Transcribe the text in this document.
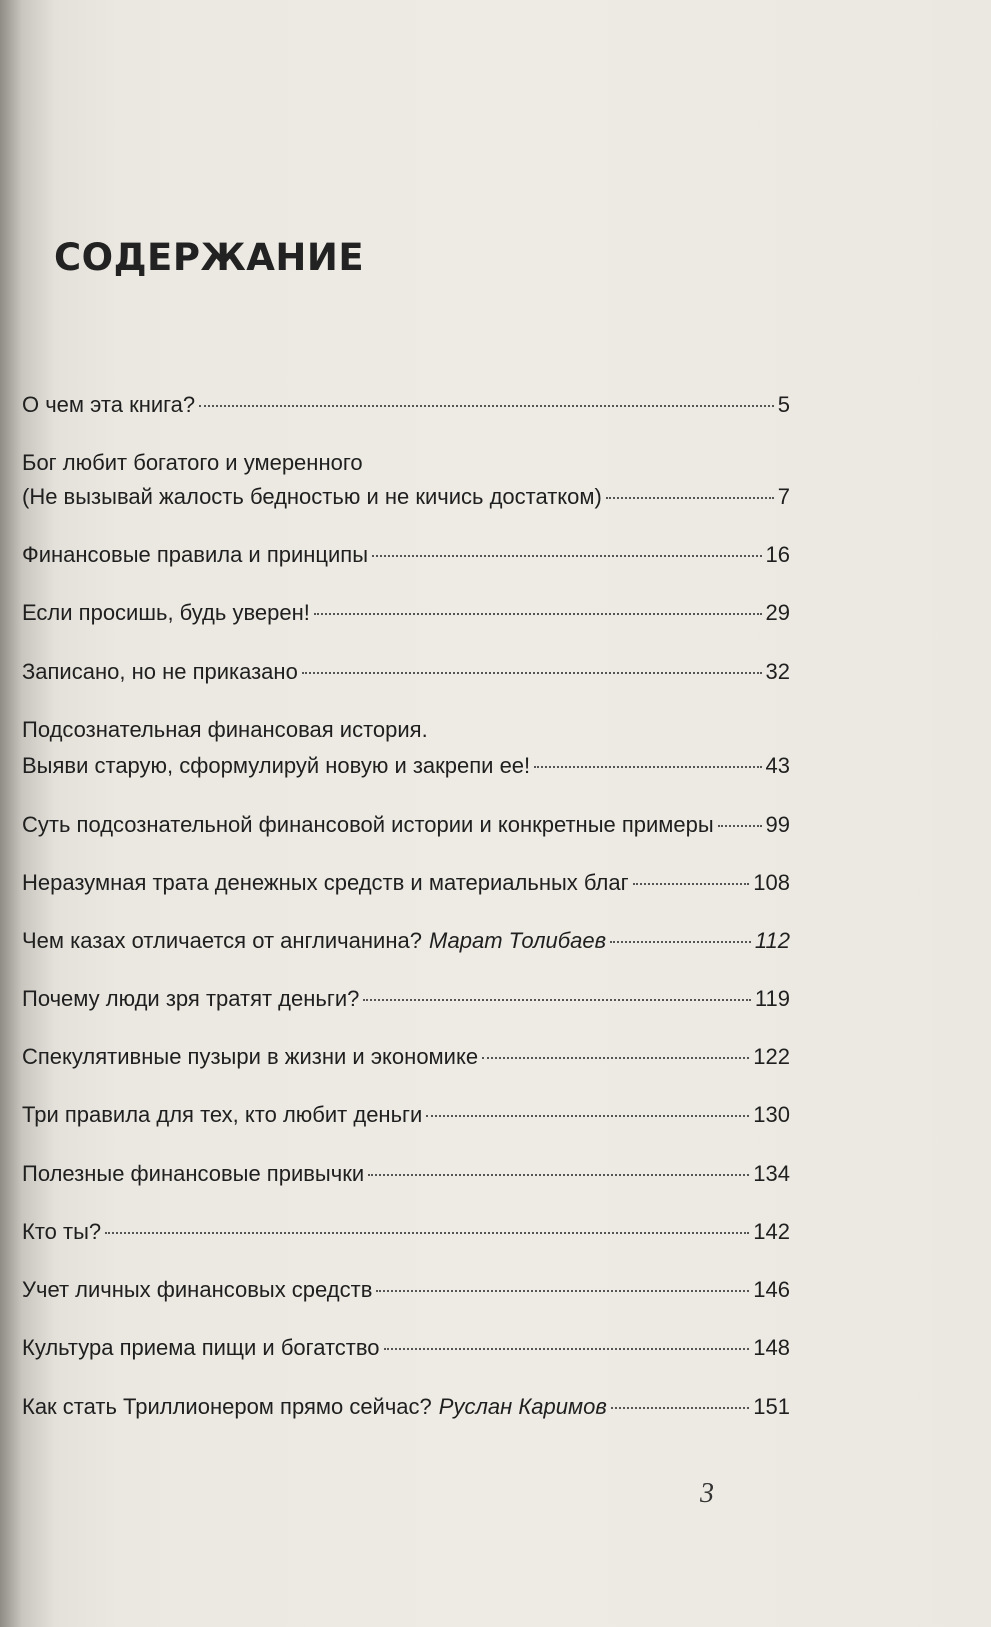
СОДЕРЖАНИЕ
О чем эта книга?	5
Бог любит богатого и умеренного
(Не вызывай жалость бедностью и не кичись достатком)	7
Финансовые правила и принципы	16
Если просишь, будь уверен!	29
Записано, но не приказано	32
Подсознательная финансовая история.
Выяви старую, сформулируй новую и закрепи ее!	43
Суть подсознательной финансовой истории и конкретные примеры 99
Неразумная трата денежных средств и материальных благ	108
Чем казах отличается от англичанина? Марат Толибаев	112
Почему люди зря тратят деньги?	119
Спекулятивные пузыри в жизни и экономике	122
Три правила для тех, кто любит деньги	130
Полезные финансовые привычки	134
Кто ты?	142
Учет личных финансовых средств	146
Культура приема пищи и богатство	148
Как стать Триллионером прямо сейчас? Руслан Каримов	151
3
